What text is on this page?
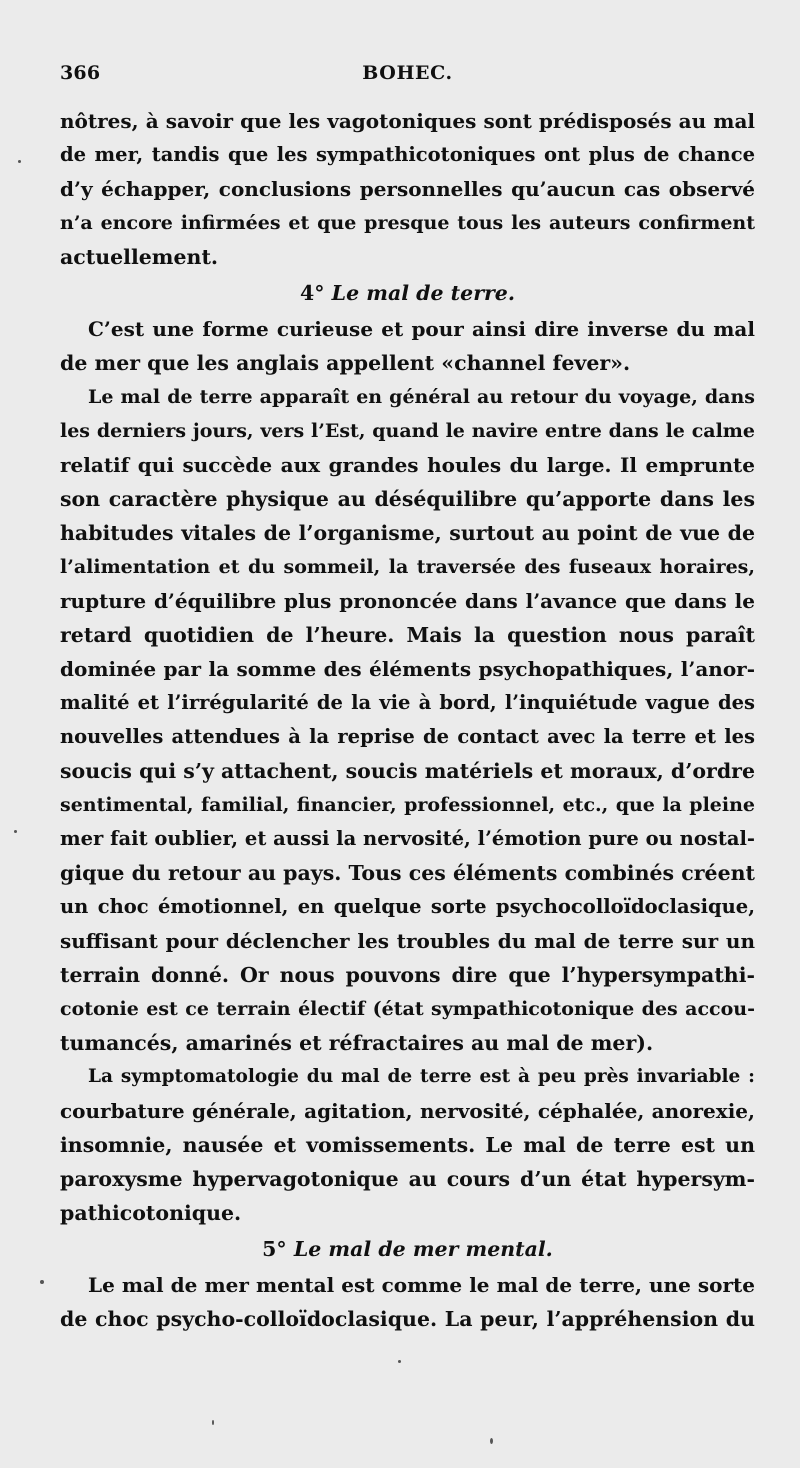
366	BOHEC.
nôtres, à savoir que les vagotoniques sont prédisposés au mal
de mer, tandis que les sympathicotoniques ont plus de chance
d’y échapper, conclusions personnelles qu’aucun cas observé
n’a encore infirmées et que presque tous les auteurs confirment
actuellement.
4° Le mal de terre.
C’est une forme curieuse et pour ainsi dire inverse du mal
de mer que les anglais appellent «channel fever».
Le mal de terre apparaît en général au retour du voyage, dans
les derniers jours, vers l’Est, quand le navire entre dans le calme
relatif qui succède aux grandes houles du large. Il emprunte
son caractère physique au déséquilibre qu’apporte dans les
habitudes vitales de l’organisme, surtout au point de vue de
l’alimentation et du sommeil, la traversée des fuseaux horaires,
rupture d’équilibre plus prononcée dans l’avance que dans le
retard quotidien de l’heure. Mais la question nous paraît
dominée par la somme des éléments psychopathiques, l’anor-
malité et l’irrégularité de la vie à bord, l’inquiétude vague des
nouvelles attendues à la reprise de contact avec la terre et les
soucis qui s’y attachent, soucis matériels et moraux, d’ordre
sentimental, familial, financier, professionnel, etc., que la pleine
mer fait oublier, et aussi la nervosité, l’émotion pure ou nostal-
gique du retour au pays. Tous ces éléments combinés créent
un choc émotionnel, en quelque sorte psychocolloïdoclasique,
suffisant pour déclencher les troubles du mal de terre sur un
terrain donné. Or nous pouvons dire que l’hypersympathi-
cotonie est ce terrain électif (état sympathicotonique des accou-
tumancés, amarinés et réfractaires au mal de mer).
La symptomatologie du mal de terre est à peu près invariable :
courbature générale, agitation, nervosité, céphalée, anorexie,
insomnie, nausée et vomissements. Le mal de terre est un
paroxysme hypervagotonique au cours d’un état hypersym-
pathicotonique.
5° Le mal de mer mental.
Le mal de mer mental est comme le mal de terre, une sorte
de choc psycho-colloïdoclasique. La peur, l’appréhension du
